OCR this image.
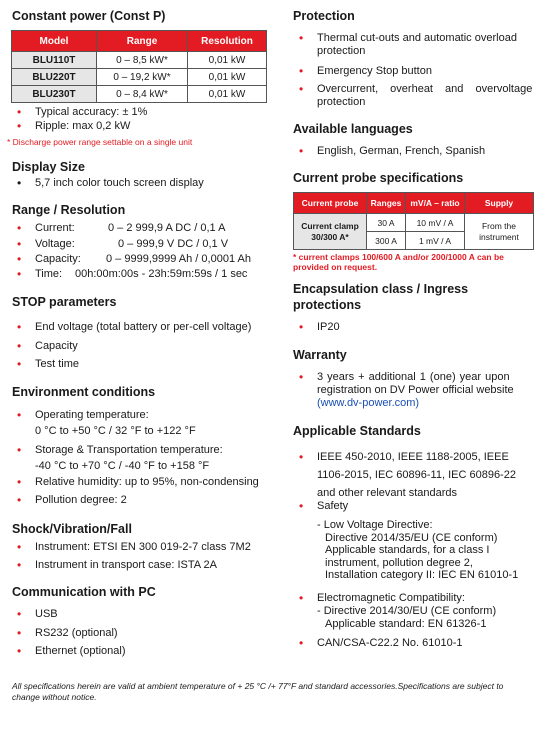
Constant power (Const P)
Model	Range	Resolution
BLU110T	0 – 8,5 kW*	0,01 kW
BLU220T	0 – 19,2 kW*	0,01 kW
BLU230T	0 – 8,4 kW*	0,01 kW
• Typical accuracy: ± 1%
• Ripple: max 0,2 kW
* Discharge power range settable on a single unit
Display Size
• 5,7 inch color touch screen display
Range / Resolution
• Current:	0 – 2 999,9 A DC / 0,1 A
• Voltage:	0 – 999,9 V DC / 0,1 V
• Capacity: 0 – 9999,9999 Ah / 0,0001 Ah
• Time: 00h:00m:00s - 23h:59m:59s / 1 sec
STOP parameters
• End voltage (total battery or per-cell voltage)
• Capacity
• Test time
Environment conditions
• Operating temperature:
0 °C to +50 °C / 32 °F to +122 °F
• Storage & Transportation temperature:
-40 °C to +70 °C / -40 °F to +158 °F
• Relative humidity: up to 95%, non-condensing
• Pollution degree: 2
Shock/Vibration/Fall
• Instrument: ETSI EN 300 019-2-7 class 7M2
• Instrument in transport case: ISTA 2A
Communication with PC
• USB
• RS232 (optional)
• Ethernet (optional)
Protection
• Thermal cut-outs and automatic overload
protection
• Emergency Stop button
• Overcurrent, overheat and overvoltage
protection
Available languages
• English, German, French, Spanish
Current probe specifications
Current probe	Ranges	mV/A – ratio	Supply
Current clamp
30/300 A*	30 A	10 mV / A	From the
instrument
	300 A	1 mV / A	
* current clamps 100/600 A and/or 200/1000 A can be
provided on request.
Encapsulation class / Ingress
protections
• IP20
Warranty
• 3 years + additional 1 (one) year upon
registration on DV Power official website
(www.dv-power.com)
Applicable Standards
• IEEE 450-2010, IEEE 1188-2005, IEEE
1106-2015, IEC 60896-11, IEC 60896-22
and other relevant standards
• Safety
- Low Voltage Directive:
Directive 2014/35/EU (CE conform)
Applicable standards, for a class I
instrument, pollution degree 2,
Installation category II: IEC EN 61010-1
• Electromagnetic Compatibility:
- Directive 2014/30/EU (CE conform)
Applicable standard: EN 61326-1
• CAN/CSA-C22.2 No. 61010-1
All specifications herein are valid at ambient temperature of + 25 °C /+ 77°F and standard accessories.Specifications are subject to
change without notice.
